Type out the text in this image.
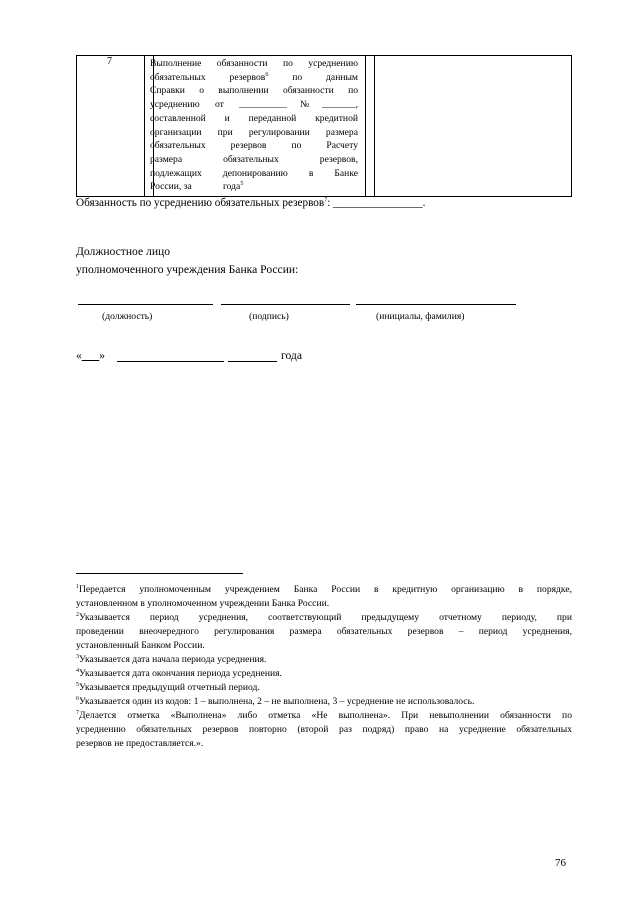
7	Выполнение обязанности по усреднению
обязательных резервов$^6$ по данным
Справки о выполнении обязанности по
усреднению от __________№_______,
составленной и переданной кредитной
организации при регулировании размера
обязательных резервов по Расчету
размера обязательных резервов,
подлежащих депонированию в Банке
России, за	года$^5$
Обязанность по усреднению обязательных резервов$^7$: ________________.
Должностное лицо
уполномоченного учреждения Банка России:
(должность)	(подпись)	(инициалы, фамилия)
«___»	года
$^1$Передается уполномоченным учреждением Банка России в кредитную организацию в порядке,
установленном в уполномоченном учреждении Банка России.
$^2$Указывается период усреднения, соответствующий предыдущему отчетному периоду, при
проведении внеочередного регулирования размера обязательных резервов – период усреднения,
установленный Банком России.
$^3$Указывается дата начала периода усреднения.
$^4$Указывается дата окончания периода усреднения.
$^5$Указывается предыдущий отчетный период.
$^6$Указывается один из кодов: 1 – выполнена, 2 – не выполнена, 3 – усреднение не использовалось.
$^7$Делается отметка «Выполнена» либо отметка «Не выполнена». При невыполнении обязанности по
усреднению обязательных резервов повторно (второй раз подряд) право на усреднение обязательных
резервов не предоставляется.».
76
